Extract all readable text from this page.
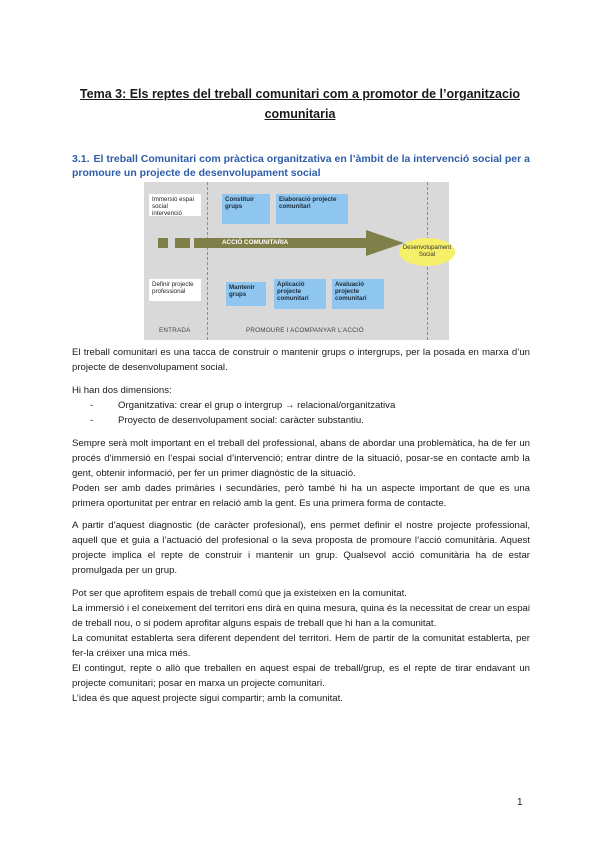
Tema 3: Els reptes del treball comunitari com a promotor de l’organitzacio
comunitaria
3.1. El treball Comunitari com pràctica organitzativa en l’àmbit de la intervenció social per a promoure un projecte de desenvolupament social
Immersió espai social intervenció
Constituir grups
Elaboració projecte comunitari
ACCIÓ COMUNITARIA
Desenvolupament Social
Definir projecte professional
Mantenir grups
Aplicació projecte comunitari
Avaluació projecte comunitari
ENTRADA	PROMOURE I ACOMPANYAR L’ACCIÓ
El treball comunitari es una tacca de construir o mantenir grups o intergrups, per la posada en marxa d’un projecte de desenvolupament social.
Hi han dos dimensions:
-	Organitzativa: crear el grup o intergrup → relacional/organitzativa
-	Proyecto de desenvolupament social: caràcter substantiu.
Sempre serà molt important en el treball del professional, abans de abordar una problemàtica, ha de fer un procés d’immersió en l’espai social d’intervenció; entrar dintre de la situació, posar-se en contacte amb la gent, obtenir informació, per fer un primer diagnòstic de la situació.
Poden ser amb dades primàries i secundàries, però també hi ha un aspecte important de que es una primera oportunitat per entrar en relació amb la gent. Es una primera forma de contacte.
A partir d’aquest diagnostic (de caràcter profesional), ens permet definir el nostre projecte professional, aquell que et guia a l’actuació del profesional o la seva proposta de promoure l’acció comunitària. Aquest projecte implica el repte de construir i mantenir un grup. Qualsevol acció comunitària ha de estar promulgada per un grup.
Pot ser que aprofitem espais de treball comú que ja existeixen en la comunitat.
La immersió i el coneixement del territori ens dirà en quina mesura, quina és la necessitat de crear un espai de treball nou, o si podem aprofitar alguns espais de treball que hi han a la comunitat.
La comunitat establerta sera diferent dependent del territori. Hem de partir de la comunitat establerta, per fer-la créixer una mica més.
El contingut, repte o allò que treballen en aquest espai de treball/grup, es el repte de tirar endavant un projecte comunitari; posar en marxa un projecte comunitari.
L’idea és que aquest projecte sigui compartir; amb la comunitat.
1
